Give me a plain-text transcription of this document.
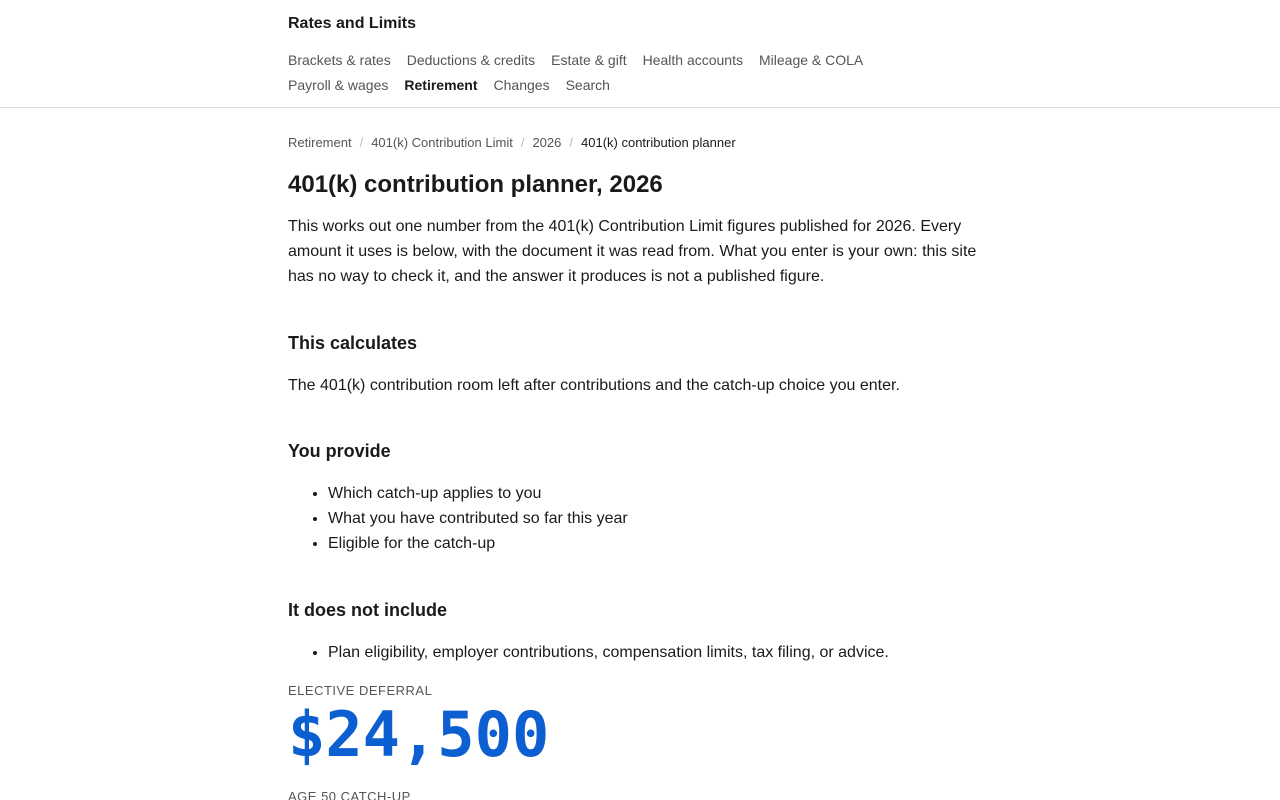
Rates and Limits
Brackets & rates Deductions & credits Estate & gift Health accounts Mileage & COLA
Payroll & wages Retirement Changes Search
Retirement / 401(k) Contribution Limit / 2026 / 401(k) contribution planner
401(k) contribution planner, 2026

This works out one number from the 401(k) Contribution Limit figures published for 2026. Every amount it uses is below, with the document it was read from. What you enter is your own: this site has no way to check it, and the answer it produces is not a published figure.

This calculates

The 401(k) contribution room left after contributions and the catch-up choice you enter.

You provide
• Which catch-up applies to you
• What you have contributed so far this year
• Eligible for the catch-up
It does not include
• Plan eligibility, employer contributions, compensation limits, tax filing, or advice.
ELECTIVE DEFERRAL
$24,500
AGE 50 CATCH-UP
